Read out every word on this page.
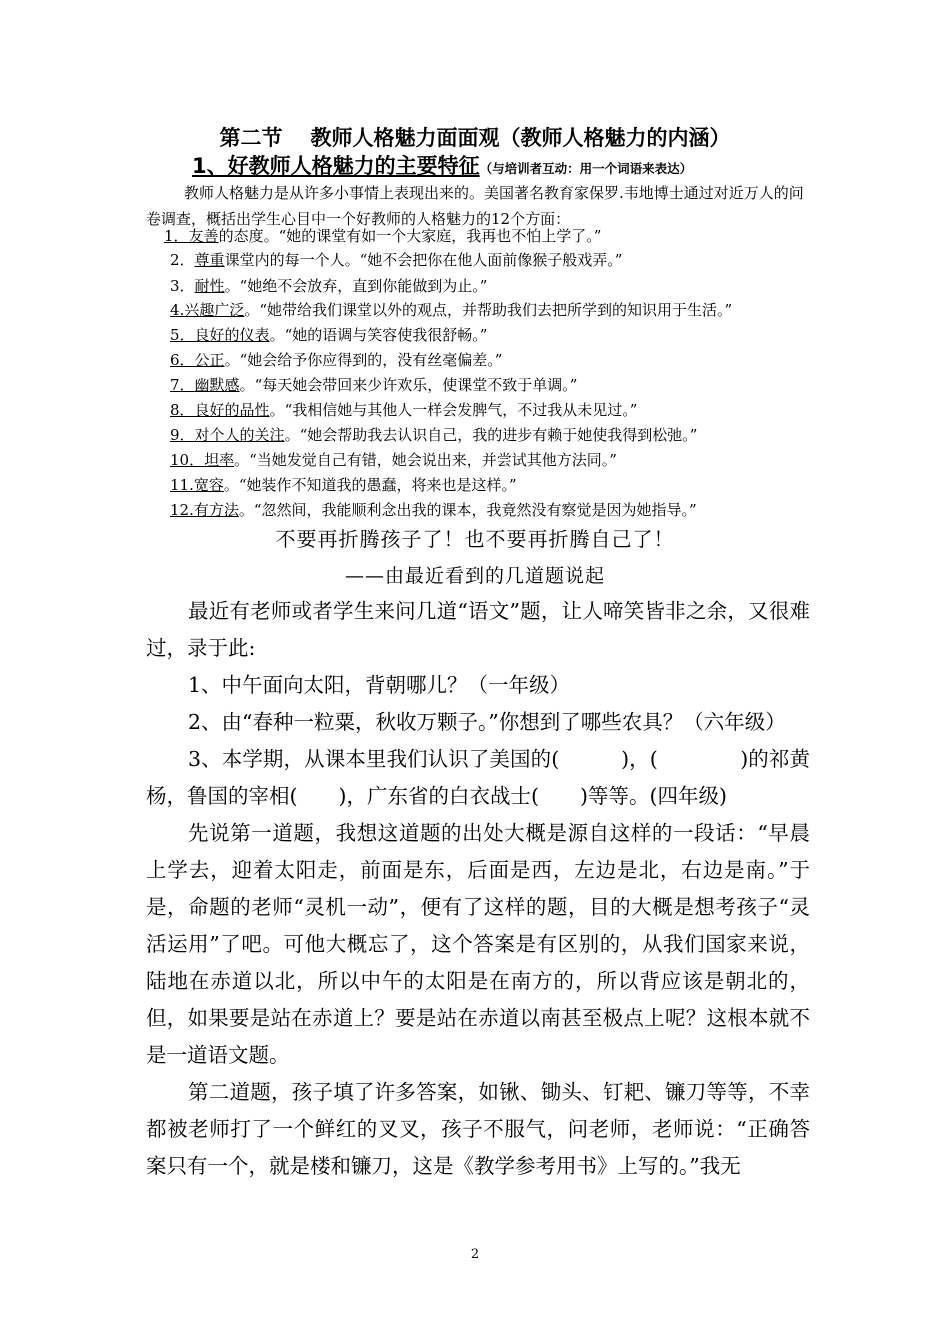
第二节 教师人格魅力面面观（教师人格魅力的内涵）
1、好教师人格魅力的主要特征（与培训者互动：用一个词语来表达）
教师人格魅力是从许多小事情上表现出来的。美国著名教育家保罗.韦地博士通过对近万人的问卷调查，概括出学生心目中一个好教师的人格魅力的12个方面：
1．友善的态度。“她的课堂有如一个大家庭，我再也不怕上学了。”
2．尊重课堂内的每一个人。“她不会把你在他人面前像猴子般戏弄。”
3．耐性。“她绝不会放弃，直到你能做到为止。”
4.兴趣广泛。“她带给我们课堂以外的观点，并帮助我们去把所学到的知识用于生活。”
5．良好的仪表。“她的语调与笑容使我很舒畅。”
6．公正。“她会给予你应得到的，没有丝毫偏差。”
7．幽默感。“每天她会带回来少许欢乐，使课堂不致于单调。”
8．良好的品性。“我相信她与其他人一样会发脾气，不过我从未见过。”
9．对个人的关注。“她会帮助我去认识自己，我的进步有赖于她使我得到松弛。”
10．坦率。“当她发觉自己有错，她会说出来，并尝试其他方法同。”
11.宽容。“她装作不知道我的愚蠢，将来也是这样。”
12.有方法。“忽然间，我能顺利念出我的课本，我竟然没有察觉是因为她指导。”
不要再折腾孩子了！也不要再折腾自己了！
——由最近看到的几道题说起

最近有老师或者学生来问几道“语文”题，让人啼笑皆非之余，又很难过，录于此:

1、中午面向太阳，背朝哪儿？（一年级）

2、由“春种一粒粟，秋收万颗子。”你想到了哪些农具？（六年级）

3、本学期，从课本里我们认识了美国的(　　　)，(　　　　)的祁黄杨，鲁国的宰相(　　)，广东省的白衣战士(　　)等等。(四年级)

先说第一道题，我想这道题的出处大概是源自这样的一段话：“早晨上学去，迎着太阳走，前面是东，后面是西，左边是北，右边是南。”于是，命题的老师“灵机一动”，便有了这样的题，目的大概是想考孩子“灵活运用”了吧。可他大概忘了，这个答案是有区别的，从我们国家来说，陆地在赤道以北，所以中午的太阳是在南方的，所以背应该是朝北的，但，如果要是站在赤道上？要是站在赤道以南甚至极点上呢？这根本就不是一道语文题。

第二道题，孩子填了许多答案，如锹、锄头、钉耙、镰刀等等，不幸都被老师打了一个鲜红的叉叉，孩子不服气，问老师，老师说：“正确答案只有一个，就是楼和镰刀，这是《教学参考用书》上写的。”我无

2
